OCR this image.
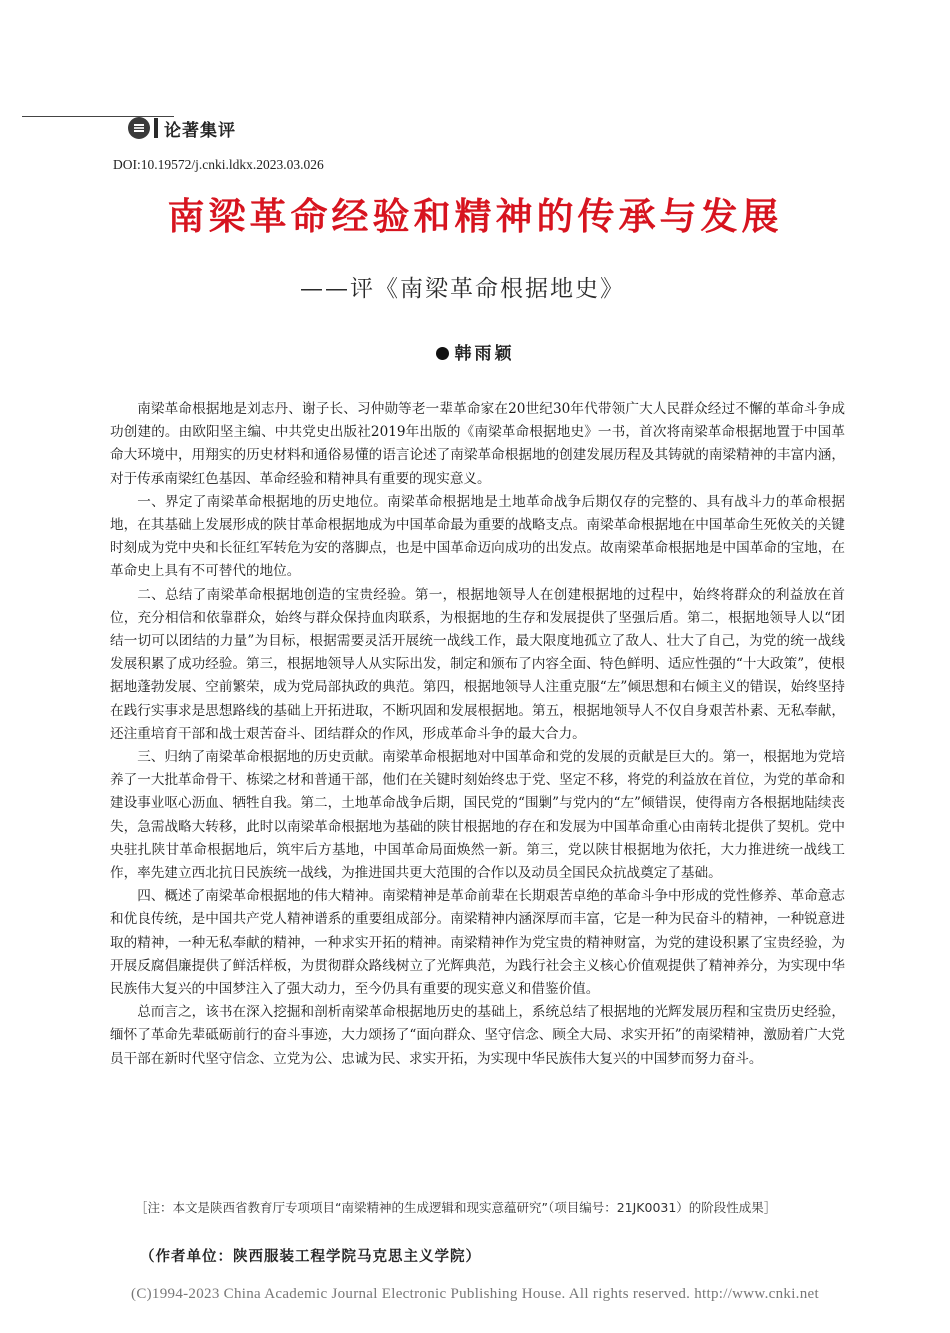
论著集评
DOI:10.19572/j.cnki.ldkx.2023.03.026
南梁革命经验和精神的传承与发展
——评《南梁革命根据地史》
韩雨颖

南梁革命根据地是刘志丹、谢子长、习仲勋等老一辈革命家在20世纪30年代带领广大人民群众经过不懈的革命斗争成功创建的。由欧阳坚主编、中共党史出版社2019年出版的《南梁革命根据地史》一书，首次将南梁革命根据地置于中国革命大环境中，用翔实的历史材料和通俗易懂的语言论述了南梁革命根据地的创建发展历程及其铸就的南梁精神的丰富内涵，对于传承南梁红色基因、革命经验和精神具有重要的现实意义。

一、界定了南梁革命根据地的历史地位。南梁革命根据地是土地革命战争后期仅存的完整的、具有战斗力的革命根据地，在其基础上发展形成的陕甘革命根据地成为中国革命最为重要的战略支点。南梁革命根据地在中国革命生死攸关的关键时刻成为党中央和长征红军转危为安的落脚点，也是中国革命迈向成功的出发点。故南梁革命根据地是中国革命的宝地，在革命史上具有不可替代的地位。

二、总结了南梁革命根据地创造的宝贵经验。第一，根据地领导人在创建根据地的过程中，始终将群众的利益放在首位，充分相信和依靠群众，始终与群众保持血肉联系，为根据地的生存和发展提供了坚强后盾。第二，根据地领导人以“团结一切可以团结的力量”为目标，根据需要灵活开展统一战线工作，最大限度地孤立了敌人、壮大了自己，为党的统一战线发展积累了成功经验。第三，根据地领导人从实际出发，制定和颁布了内容全面、特色鲜明、适应性强的“十大政策”，使根据地蓬勃发展、空前繁荣，成为党局部执政的典范。第四，根据地领导人注重克服“左”倾思想和右倾主义的错误，始终坚持在践行实事求是思想路线的基础上开拓进取，不断巩固和发展根据地。第五，根据地领导人不仅自身艰苦朴素、无私奉献，还注重培育干部和战士艰苦奋斗、团结群众的作风，形成革命斗争的最大合力。

三、归纳了南梁革命根据地的历史贡献。南梁革命根据地对中国革命和党的发展的贡献是巨大的。第一，根据地为党培养了一大批革命骨干、栋梁之材和普通干部，他们在关键时刻始终忠于党、坚定不移，将党的利益放在首位，为党的革命和建设事业呕心沥血、牺牲自我。第二，土地革命战争后期，国民党的“围剿”与党内的“左”倾错误，使得南方各根据地陆续丧失，急需战略大转移，此时以南梁革命根据地为基础的陕甘根据地的存在和发展为中国革命重心由南转北提供了契机。党中央驻扎陕甘革命根据地后，筑牢后方基地，中国革命局面焕然一新。第三，党以陕甘根据地为依托，大力推进统一战线工作，率先建立西北抗日民族统一战线，为推进国共更大范围的合作以及动员全国民众抗战奠定了基础。

四、概述了南梁革命根据地的伟大精神。南梁精神是革命前辈在长期艰苦卓绝的革命斗争中形成的党性修养、革命意志和优良传统，是中国共产党人精神谱系的重要组成部分。南梁精神内涵深厚而丰富，它是一种为民奋斗的精神，一种锐意进取的精神，一种无私奉献的精神，一种求实开拓的精神。南梁精神作为党宝贵的精神财富，为党的建设积累了宝贵经验，为开展反腐倡廉提供了鲜活样板，为贯彻群众路线树立了光辉典范，为践行社会主义核心价值观提供了精神养分，为实现中华民族伟大复兴的中国梦注入了强大动力，至今仍具有重要的现实意义和借鉴价值。

总而言之，该书在深入挖掘和剖析南梁革命根据地历史的基础上，系统总结了根据地的光辉发展历程和宝贵历史经验，缅怀了革命先辈砥砺前行的奋斗事迹，大力颂扬了“面向群众、坚守信念、顾全大局、求实开拓”的南梁精神，激励着广大党员干部在新时代坚守信念、立党为公、忠诚为民、求实开拓，为实现中华民族伟大复兴的中国梦而努力奋斗。

［注：本文是陕西省教育厅专项项目“南梁精神的生成逻辑和现实意蕴研究”（项目编号：21JK0031）的阶段性成果］
（作者单位：陕西服装工程学院马克思主义学院）
(C)1994-2023 China Academic Journal Electronic Publishing House. All rights reserved. http://www.cnki.net
